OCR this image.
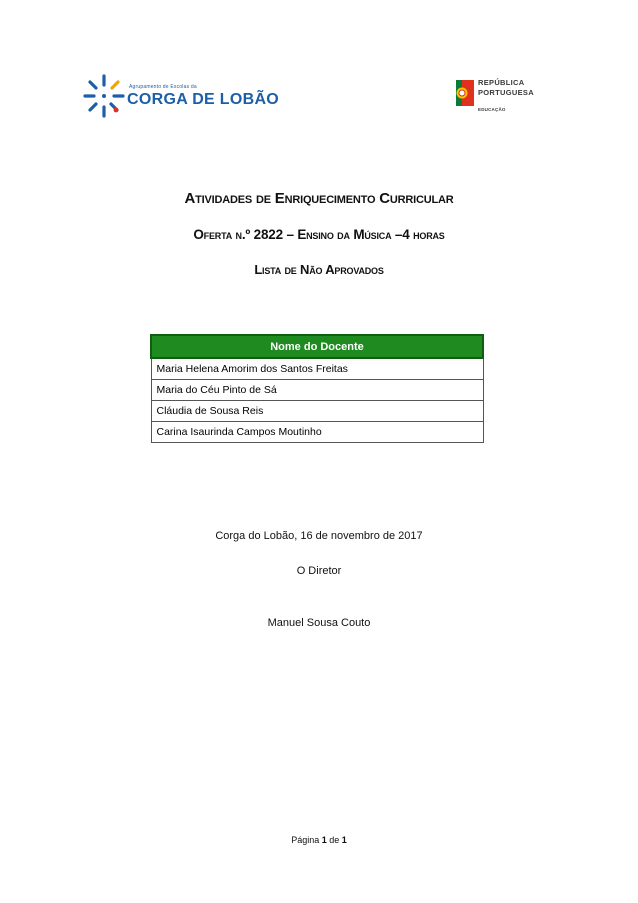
Agrupamento de Escolas da
CORGA DE LOBÃO
REPÚBLICA
PORTUGUESA
EDUCAÇÃO
Atividades de Enriquecimento Curricular
Oferta n.º 2822 – Ensino da Música –4 horas
Lista de Não Aprovados
Nome do Docente
Maria Helena Amorim dos Santos Freitas
Maria do Céu Pinto de Sá
Cláudia de Sousa Reis
Carina Isaurinda Campos Moutinho
Corga do Lobão, 16 de novembro de 2017
O Diretor
Manuel Sousa Couto
Página 1 de 1
